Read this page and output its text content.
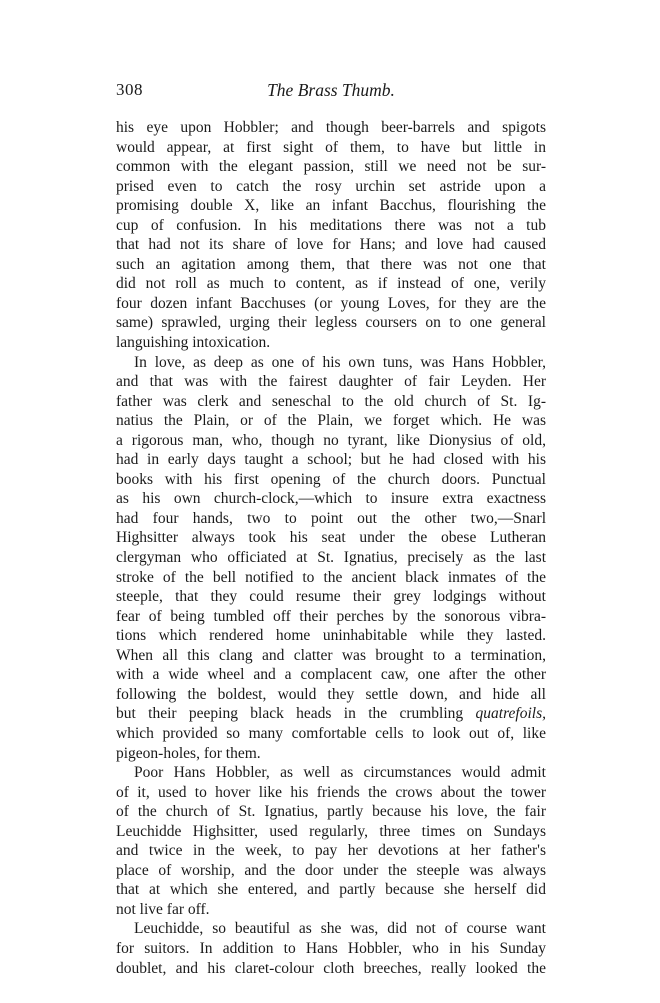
308	The Brass Thumb.
his eye upon Hobbler; and though beer-barrels and spigots
would appear, at first sight of them, to have but little in
common with the elegant passion, still we need not be sur-
prised even to catch the rosy urchin set astride upon a
promising double X, like an infant Bacchus, flourishing the
cup of confusion. In his meditations there was not a tub
that had not its share of love for Hans; and love had caused
such an agitation among them, that there was not one that
did not roll as much to content, as if instead of one, verily
four dozen infant Bacchuses (or young Loves, for they are the
same) sprawled, urging their legless coursers on to one general
languishing intoxication.
In love, as deep as one of his own tuns, was Hans Hobbler,
and that was with the fairest daughter of fair Leyden. Her
father was clerk and seneschal to the old church of St. Ig-
natius the Plain, or of the Plain, we forget which. He was
a rigorous man, who, though no tyrant, like Dionysius of old,
had in early days taught a school; but he had closed with his
books with his first opening of the church doors. Punctual
as his own church-clock,—which to insure extra exactness
had four hands, two to point out the other two,—Snarl
Highsitter always took his seat under the obese Lutheran
clergyman who officiated at St. Ignatius, precisely as the last
stroke of the bell notified to the ancient black inmates of the
steeple, that they could resume their grey lodgings without
fear of being tumbled off their perches by the sonorous vibra-
tions which rendered home uninhabitable while they lasted.
When all this clang and clatter was brought to a termination,
with a wide wheel and a complacent caw, one after the other
following the boldest, would they settle down, and hide all
but their peeping black heads in the crumbling quatrefoils,
which provided so many comfortable cells to look out of, like
pigeon-holes, for them.
Poor Hans Hobbler, as well as circumstances would admit
of it, used to hover like his friends the crows about the tower
of the church of St. Ignatius, partly because his love, the fair
Leuchidde Highsitter, used regularly, three times on Sundays
and twice in the week, to pay her devotions at her father's
place of worship, and the door under the steeple was always
that at which she entered, and partly because she herself did
not live far off.
Leuchidde, so beautiful as she was, did not of course want
for suitors. In addition to Hans Hobbler, who in his Sunday
doublet, and his claret-colour cloth breeches, really looked the
